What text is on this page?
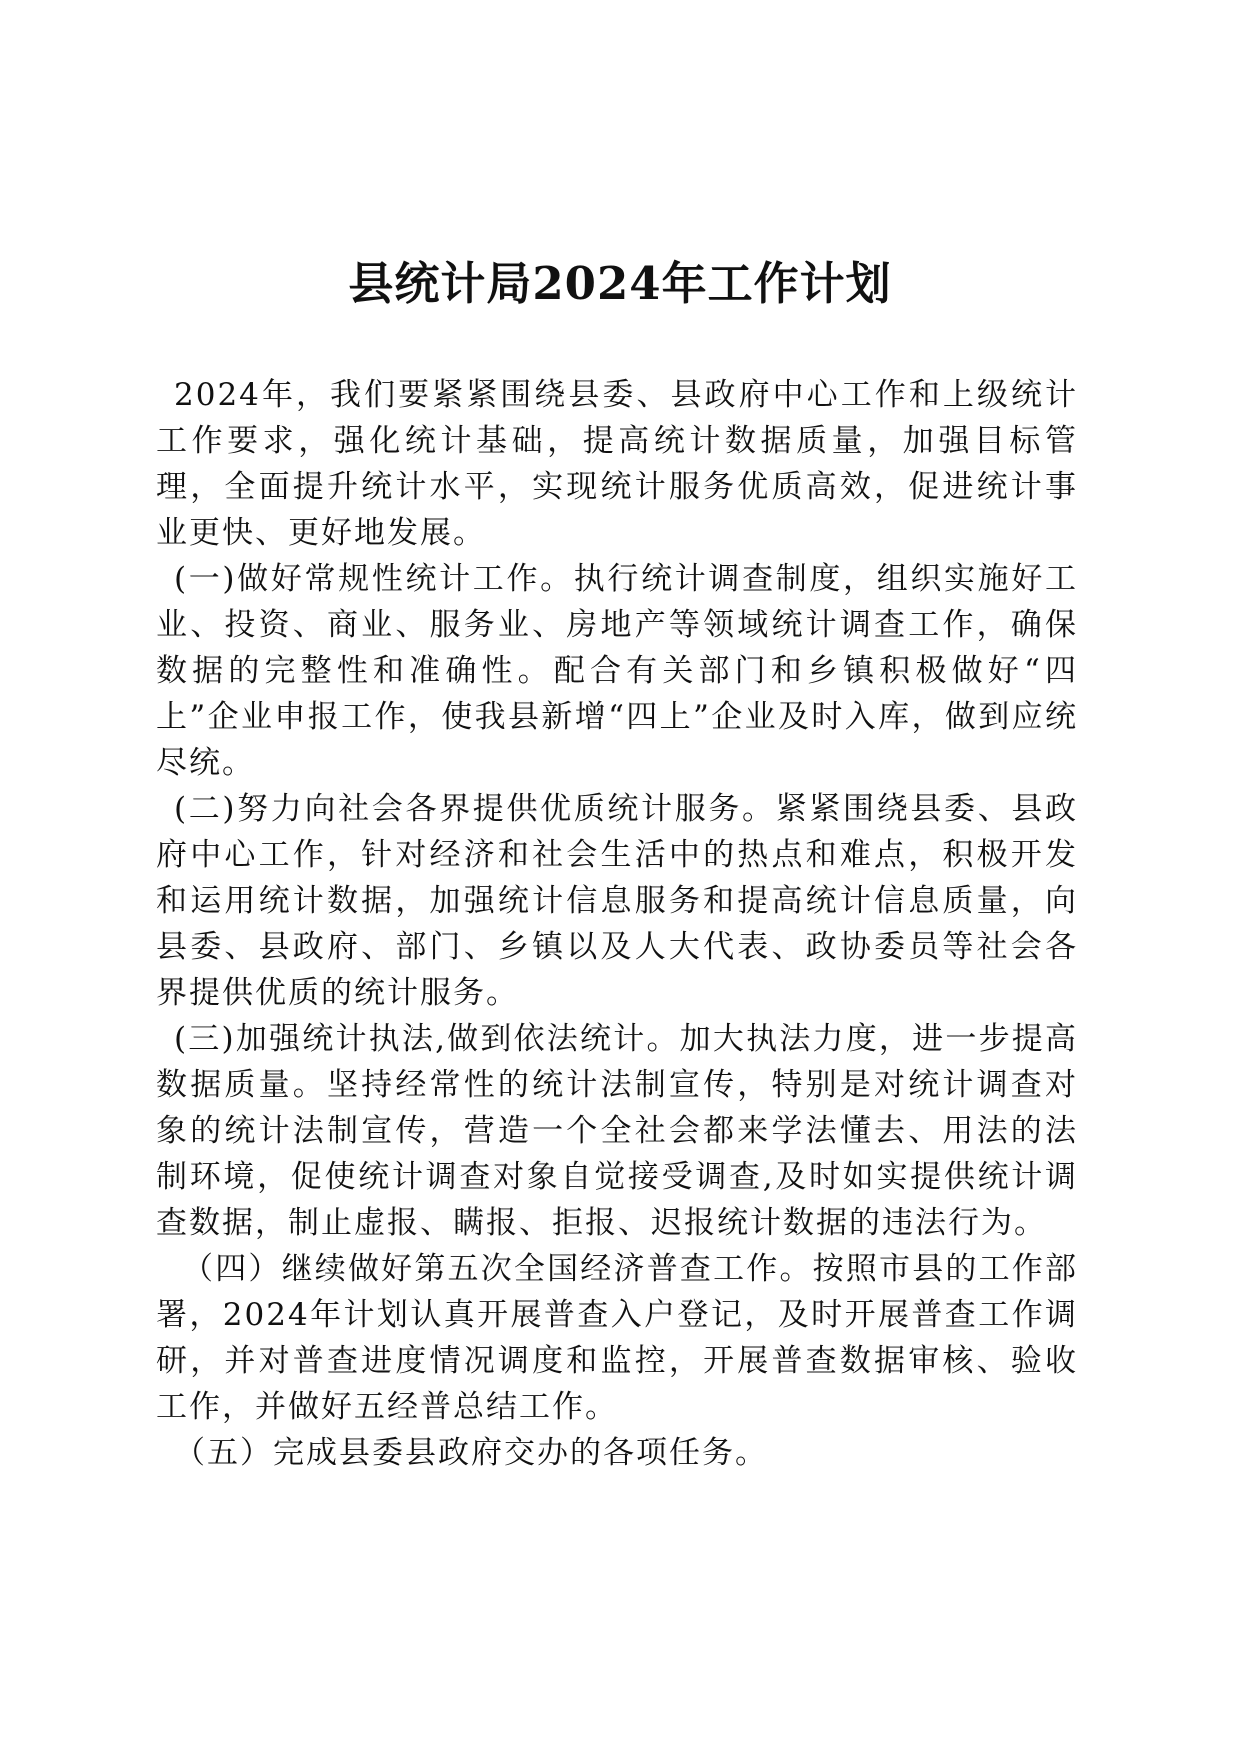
县统计局2024年工作计划

2024年，我们要紧紧围绕县委、县政府中心工作和上级统计工作要求，强化统计基础，提高统计数据质量，加强目标管理，全面提升统计水平，实现统计服务优质高效，促进统计事业更快、更好地发展。

(一)做好常规性统计工作。执行统计调查制度，组织实施好工业、投资、商业、服务业、房地产等领域统计调查工作，确保数据的完整性和准确性。配合有关部门和乡镇积极做好“四上”企业申报工作，使我县新增“四上”企业及时入库，做到应统尽统。

(二)努力向社会各界提供优质统计服务。紧紧围绕县委、县政府中心工作，针对经济和社会生活中的热点和难点，积极开发和运用统计数据，加强统计信息服务和提高统计信息质量，向县委、县政府、部门、乡镇以及人大代表、政协委员等社会各界提供优质的统计服务。

(三)加强统计执法,做到依法统计。加大执法力度，进一步提高数据质量。坚持经常性的统计法制宣传，特别是对统计调查对象的统计法制宣传，营造一个全社会都来学法懂去、用法的法制环境，促使统计调查对象自觉接受调查,及时如实提供统计调查数据，制止虚报、瞒报、拒报、迟报统计数据的违法行为。

（四）继续做好第五次全国经济普查工作。按照市县的工作部署，2024年计划认真开展普查入户登记，及时开展普查工作调研，并对普查进度情况调度和监控，开展普查数据审核、验收工作，并做好五经普总结工作。

（五）完成县委县政府交办的各项任务。
